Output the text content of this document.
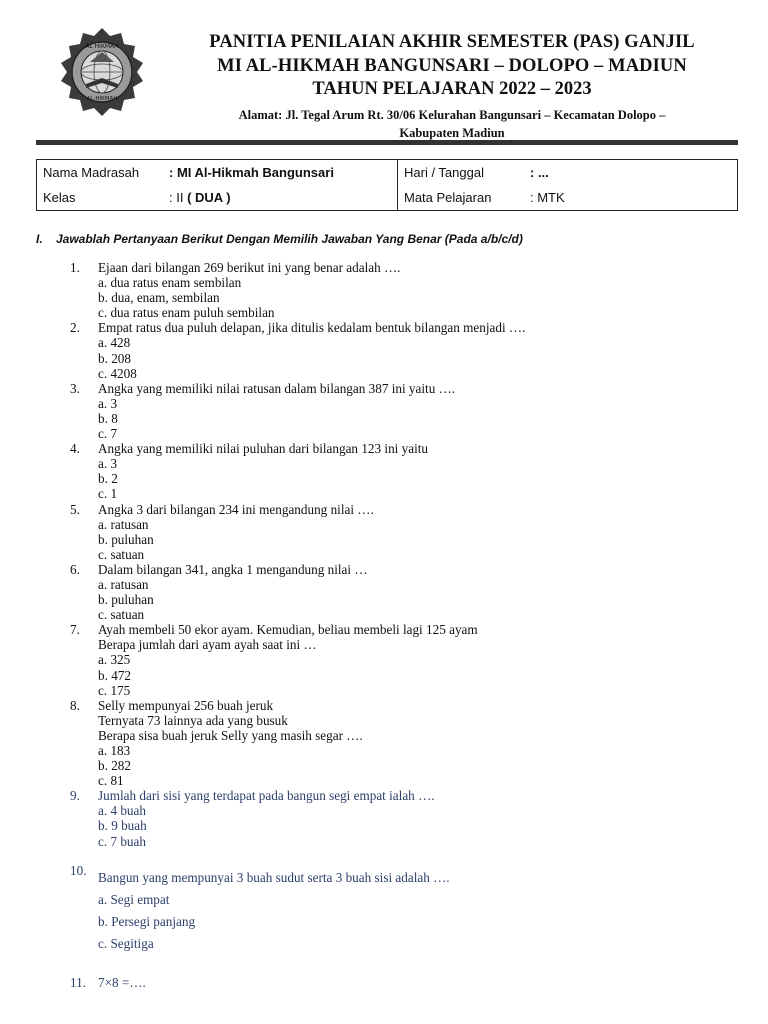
AL HIKMAH
AL-HIKMAH
PANITIA PENILAIAN AKHIR SEMESTER (PAS) GANJIL
MI AL-HIKMAH BANGUNSARI – DOLOPO – MADIUN
TAHUN PELAJARAN 2022 – 2023
Alamat: Jl. Tegal Arum Rt. 30/06 Kelurahan Bangunsari – Kecamatan Dolopo –
Kabupaten Madiun
Nama Madrasah : MI Al-Hikmah Bangunsari	Hari / Tanggal : ...
Kelas : II ( DUA )	Mata Pelajaran : MTK
I. Jawablah Pertanyaan Berikut Dengan Memilih Jawaban Yang Benar (Pada a/b/c/d)
1.	Ejaan dari bilangan 269 berikut ini yang benar adalah ….
a. dua ratus enam sembilan
b. dua, enam, sembilan
c. dua ratus enam puluh sembilan
2.	Empat ratus dua puluh delapan, jika ditulis kedalam bentuk bilangan menjadi ….
a. 428
b. 208
c. 4208
3.	Angka yang memiliki nilai ratusan dalam bilangan 387 ini yaitu ….
a. 3
b. 8
c. 7
4.	Angka yang memiliki nilai puluhan dari bilangan 123 ini yaitu
a. 3
b. 2
c. 1
5.	Angka 3 dari bilangan 234 ini mengandung nilai ….
a. ratusan
b. puluhan
c. satuan
6.	Dalam bilangan 341, angka 1 mengandung nilai …
a. ratusan
b. puluhan
c. satuan
7.	Ayah membeli 50 ekor ayam. Kemudian, beliau membeli lagi 125 ayam
Berapa jumlah dari ayam ayah saat ini …
a. 325
b. 472
c. 175
8.	Selly mempunyai 256 buah jeruk
Ternyata 73 lainnya ada yang busuk
Berapa sisa buah jeruk Selly yang masih segar ….
a. 183
b. 282
c. 81
9.	Jumlah dari sisi yang terdapat pada bangun segi empat ialah ….
a. 4 buah
b. 9 buah
c. 7 buah
10. Bangun yang mempunyai 3 buah sudut serta 3 buah sisi adalah ….
a. Segi empat
b. Persegi panjang
c. Segitiga
11. 7×8 =….
